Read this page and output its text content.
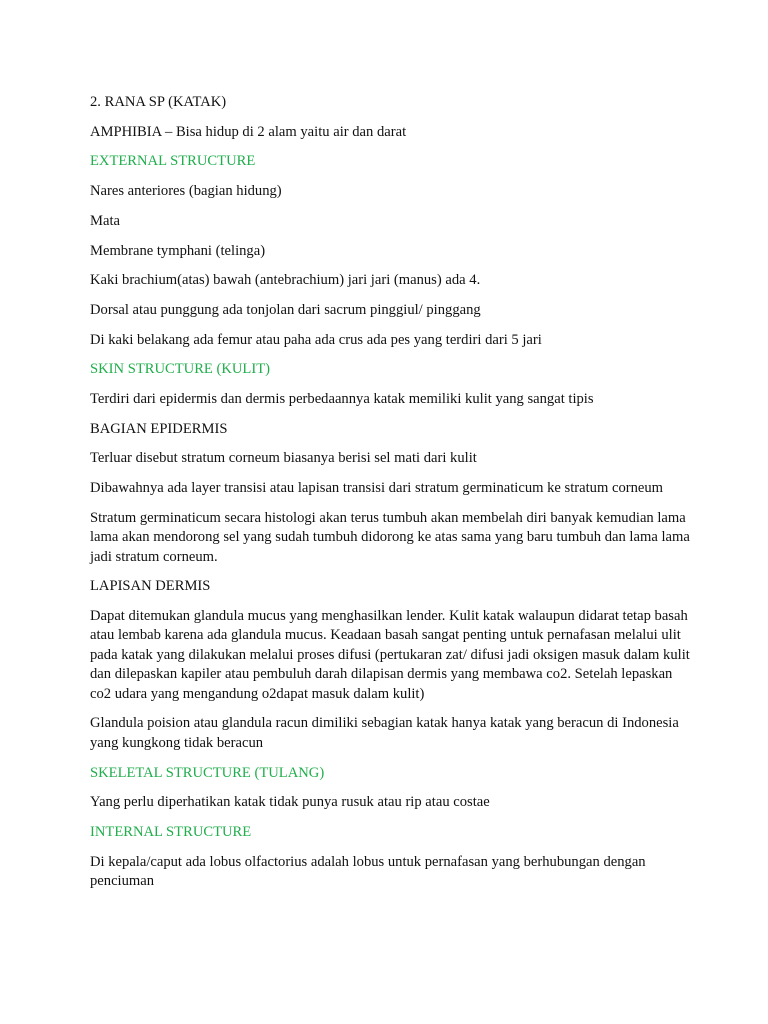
2. RANA SP (KATAK)

AMPHIBIA – Bisa hidup di 2 alam yaitu air dan darat

EXTERNAL STRUCTURE

Nares anteriores (bagian hidung)

Mata

Membrane tymphani (telinga)

Kaki brachium(atas) bawah (antebrachium) jari jari (manus) ada 4.

Dorsal atau punggung ada tonjolan dari sacrum pinggiul/ pinggang

Di kaki belakang ada femur atau paha ada crus ada pes yang terdiri dari 5 jari

SKIN STRUCTURE (KULIT)

Terdiri dari epidermis dan dermis perbedaannya katak memiliki kulit yang sangat tipis

BAGIAN EPIDERMIS

Terluar disebut stratum corneum biasanya berisi sel mati dari kulit

Dibawahnya ada layer transisi atau lapisan transisi dari stratum germinaticum ke stratum corneum

Stratum germinaticum secara histologi akan terus tumbuh akan membelah diri banyak kemudian lama lama akan mendorong sel yang sudah tumbuh didorong ke atas sama yang baru tumbuh dan lama lama jadi stratum corneum.

LAPISAN DERMIS

Dapat ditemukan glandula mucus yang menghasilkan lender. Kulit katak walaupun didarat tetap basah atau lembab karena ada glandula mucus. Keadaan basah sangat penting untuk pernafasan melalui ulit pada katak yang dilakukan melalui proses difusi (pertukaran zat/ difusi jadi oksigen masuk dalam kulit dan dilepaskan kapiler atau pembuluh darah dilapisan dermis yang membawa co2. Setelah lepaskan co2 udara yang mengandung o2dapat masuk dalam kulit)

Glandula poision atau glandula racun dimiliki sebagian katak hanya katak yang beracun di Indonesia yang kungkong tidak beracun

SKELETAL STRUCTURE (TULANG)

Yang perlu diperhatikan katak tidak punya rusuk atau rip atau costae

INTERNAL STRUCTURE

Di kepala/caput ada lobus olfactorius adalah lobus untuk pernafasan yang berhubungan dengan penciuman
